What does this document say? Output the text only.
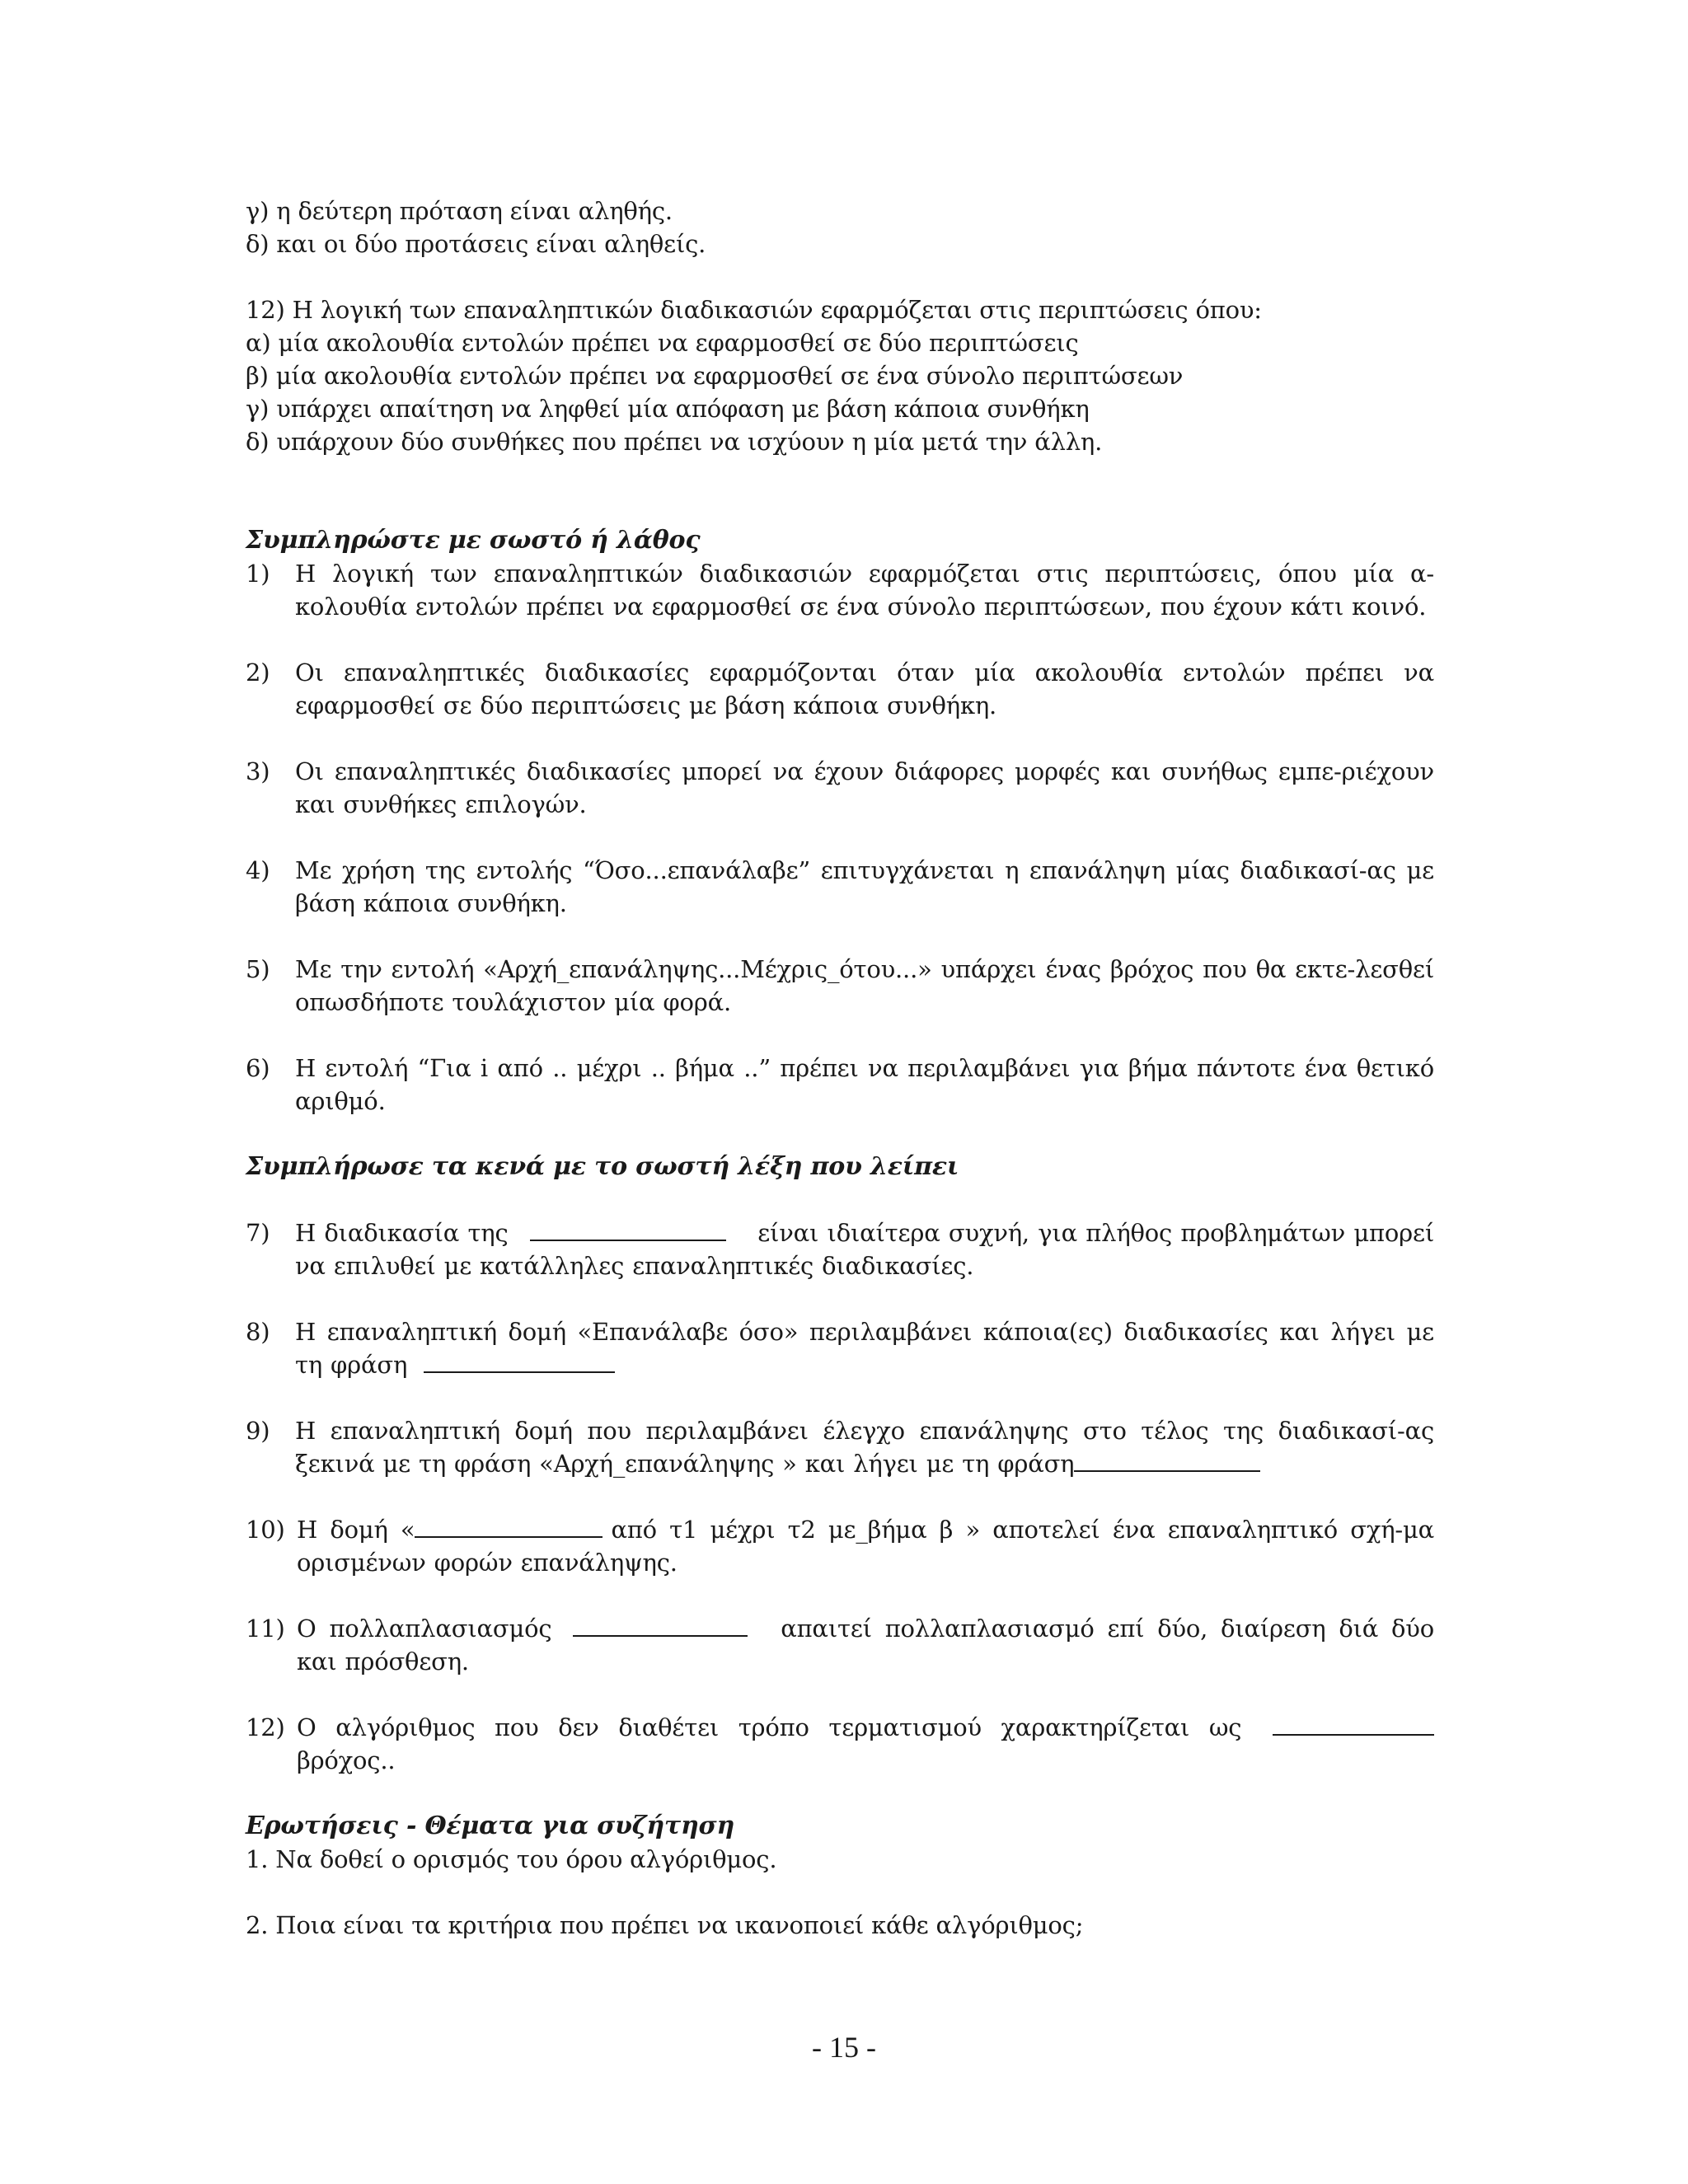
γ) η δεύτερη πρόταση είναι αληθής.
δ) και οι δύο προτάσεις είναι αληθείς.
12) Η λογική των επαναληπτικών διαδικασιών εφαρμόζεται στις περιπτώσεις όπου:
α) μία ακολουθία εντολών πρέπει να εφαρμοσθεί σε δύο περιπτώσεις
β) μία ακολουθία εντολών πρέπει να εφαρμοσθεί σε ένα σύνολο περιπτώσεων
γ) υπάρχει απαίτηση να ληφθεί μία απόφαση με βάση κάποια συνθήκη
δ) υπάρχουν δύο συνθήκες που πρέπει να ισχύουν η μία μετά την άλλη.
Συμπληρώστε με σωστό ή λάθος
1) Η λογική των επαναληπτικών διαδικασιών εφαρμόζεται στις περιπτώσεις, όπου μία α-κολουθία εντολών πρέπει να εφαρμοσθεί σε ένα σύνολο περιπτώσεων, που έχουν κάτι κοινό.
2) Οι επαναληπτικές διαδικασίες εφαρμόζονται όταν μία ακολουθία εντολών πρέπει να εφαρμοσθεί σε δύο περιπτώσεις με βάση κάποια συνθήκη.
3) Οι επαναληπτικές διαδικασίες μπορεί να έχουν διάφορες μορφές και συνήθως εμπε-ριέχουν και συνθήκες επιλογών.
4) Με χρήση της εντολής “Όσο...επανάλαβε” επιτυγχάνεται η επανάληψη μίας διαδικασί-ας με βάση κάποια συνθήκη.
5) Με την εντολή «Αρχή_επανάληψης...Μέχρις_ότου...» υπάρχει ένας βρόχος που θα εκτε-λεσθεί οπωσδήποτε τουλάχιστον μία φορά.
6) Η εντολή “Για i από .. μέχρι .. βήμα ..” πρέπει να περιλαμβάνει για βήμα πάντοτε ένα θετικό αριθμό.
Συμπλήρωσε τα κενά με το σωστή λέξη που λείπει
7) Η διαδικασία της	είναι ιδιαίτερα συχνή, για πλήθος προβλημάτων μπορεί να επιλυθεί με κατάλληλες επαναληπτικές διαδικασίες.
8) Η επαναληπτική δομή «Επανάλαβε όσο» περιλαμβάνει κάποια(ες) διαδικασίες και λήγει με τη φράση
9) Η επαναληπτική δομή που περιλαμβάνει έλεγχο επανάληψης στο τέλος της διαδικασί-ας ξεκινά με τη φράση «Αρχή_επανάληψης » και λήγει με τη φράση
10) Η δομή «	από τ1 μέχρι τ2 με_βήμα β » αποτελεί ένα επαναληπτικό σχή-μα ορισμένων φορών επανάληψης.
11) Ο πολλαπλασιασμός	απαιτεί πολλαπλασιασμό επί δύο, διαίρεση διά δύο και πρόσθεση.
12) Ο αλγόριθμος που δεν διαθέτει τρόπο τερματισμού χαρακτηρίζεται ως  βρόχος..
Ερωτήσεις - Θέματα για συζήτηση
1. Να δοθεί ο ορισμός του όρου αλγόριθμος.
2. Ποια είναι τα κριτήρια που πρέπει να ικανοποιεί κάθε αλγόριθμος;
- 15 -
